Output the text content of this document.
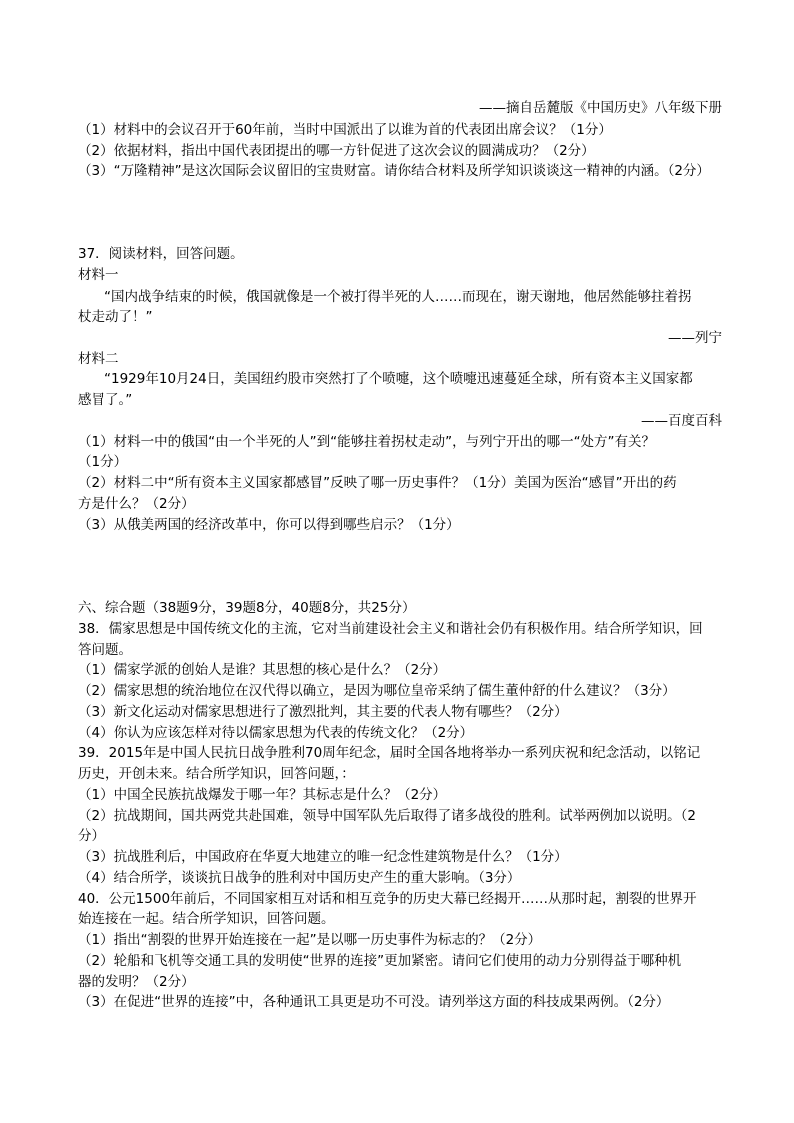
——摘自岳麓版《中国历史》八年级下册
（1）材料中的会议召开于60年前，当时中国派出了以谁为首的代表团出席会议？（1分）
（2）依据材料，指出中国代表团提出的哪一方针促进了这次会议的圆满成功？（2分）
（3）“万隆精神”是这次国际会议留旧的宝贵财富。请你结合材料及所学知识谈谈这一精神的内涵。（2分）
37．阅读材料，回答问题。
材料一
“国内战争结束的时候，俄国就像是一个被打得半死的人……而现在，谢天谢地，他居然能够拄着拐
杖走动了！”
——列宁
材料二
“1929年10月24日，美国纽约股市突然打了个喷嚏，这个喷嚏迅速蔓延全球，所有资本主义国家都
感冒了。”
——百度百科
（1）材料一中的俄国“由一个半死的人”到“能够拄着拐杖走动”，与列宁开出的哪一“处方”有关？
（1分）
（2）材料二中“所有资本主义国家都感冒”反映了哪一历史事件？（1分）美国为医治“感冒”开出的药
方是什么？（2分）
（3）从俄美两国的经济改革中，你可以得到哪些启示？（1分）
六、综合题（38题9分，39题8分，40题8分，共25分）
38．儒家思想是中国传统文化的主流，它对当前建设社会主义和谐社会仍有积极作用。结合所学知识，回
答问题。
（1）儒家学派的创始人是谁？其思想的核心是什么？（2分）
（2）儒家思想的统治地位在汉代得以确立，是因为哪位皇帝采纳了儒生董仲舒的什么建议？（3分）
（3）新文化运动对儒家思想进行了激烈批判，其主要的代表人物有哪些？（2分）
（4）你认为应该怎样对待以儒家思想为代表的传统文化？（2分）
39．2015年是中国人民抗日战争胜利70周年纪念，届时全国各地将举办一系列庆祝和纪念活动，以铭记
历史，开创未来。结合所学知识，回答问题，：
（1）中国全民族抗战爆发于哪一年？其标志是什么？（2分）
（2）抗战期间，国共两党共赴国难，领导中国军队先后取得了诸多战役的胜利。试举两例加以说明。（2
分）
（3）抗战胜利后，中国政府在华夏大地建立的唯一纪念性建筑物是什么？（1分）
（4）结合所学，谈谈抗日战争的胜利对中国历史产生的重大影响。（3分）
40．公元1500年前后，不同国家相互对话和相互竞争的历史大幕已经揭开……从那时起，割裂的世界开
始连接在一起。结合所学知识，回答问题。
（1）指出“割裂的世界开始连接在一起”是以哪一历史事件为标志的？（2分）
（2）轮船和飞机等交通工具的发明使“世界的连接”更加紧密。请问它们使用的动力分别得益于哪种机
器的发明？（2分）
（3）在促进“世界的连接”中，各种通讯工具更是功不可没。请列举这方面的科技成果两例。（2分）
